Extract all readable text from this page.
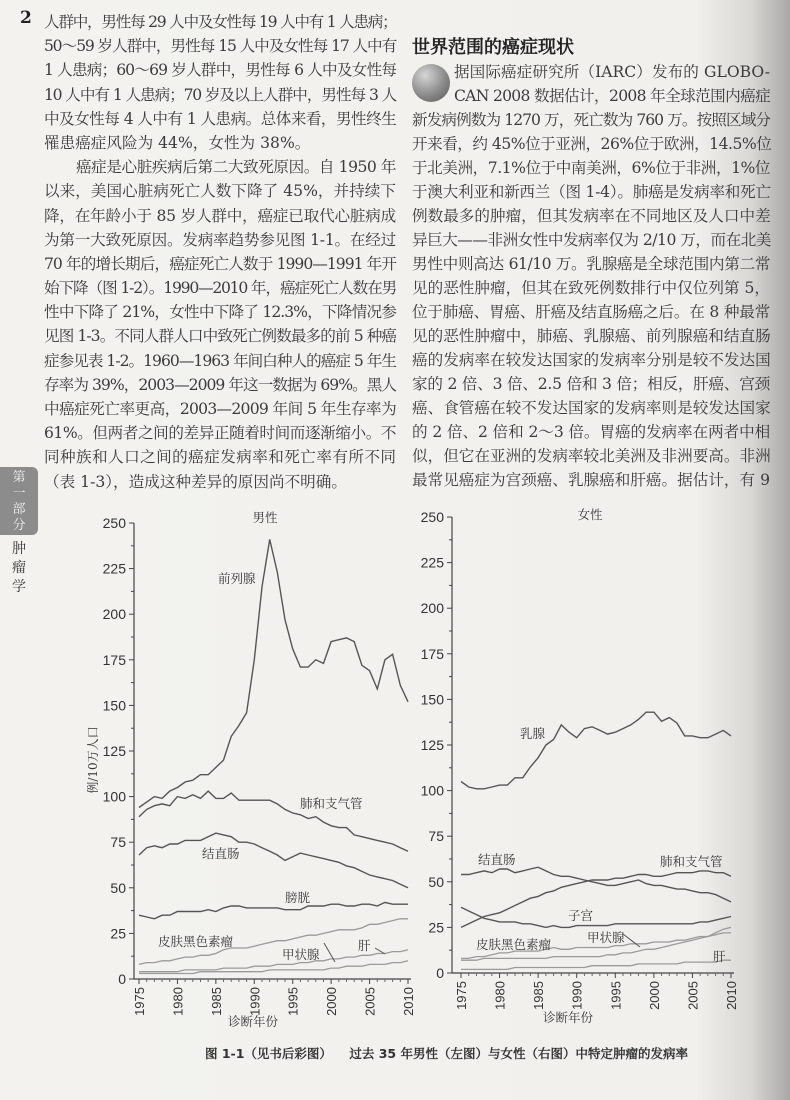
2 人群中，男性每 29 人中及女性每 19 人中有 1 人患病；
50～59 岁人群中，男性每 15 人中及女性每 17 人中有
1 人患病；60～69 岁人群中，男性每 6 人中及女性每
10 人中有 1 人患病；70 岁及以上人群中，男性每 3 人
中及女性每 4 人中有 1 人患病。总体来看，男性终生
罹患癌症风险为 44%，女性为 38%。
癌症是心脏疾病后第二大致死原因。自 1950 年
以来，美国心脏病死亡人数下降了 45%，并持续下
降，在年龄小于 85 岁人群中，癌症已取代心脏病成
为第一大致死原因。发病率趋势参见图 1-1。在经过
70 年的增长期后，癌症死亡人数于 1990—1991 年开
始下降（图 1-2）。1990—2010 年，癌症死亡人数在男
性中下降了 21%，女性中下降了 12.3%，下降情况参
见图 1-3。不同人群人口中致死亡例数最多的前 5 种癌
症参见表 1-2。1960—1963 年间白种人的癌症 5 年生
存率为 39%，2003—2009 年这一数据为 69%。黑人
中癌症死亡率更高，2003—2009 年间 5 年生存率为
61%。但两者之间的差异正随着时间而逐渐缩小。不
同种族和人口之间的癌症发病率和死亡率有所不同
（表 1-3），造成这种差异的原因尚不明确。
世界范围的癌症现状
据国际癌症研究所（IARC）发布的 GLOBO-
CAN 2008 数据估计，2008 年全球范围内癌症
新发病例数为 1270 万，死亡数为 760 万。按照区域分
开来看，约 45%位于亚洲，26%位于欧洲，14.5%位
于北美洲，7.1%位于中南美洲，6%位于非洲，1%位
于澳大利亚和新西兰（图 1-4）。肺癌是发病率和死亡
例数最多的肿瘤，但其发病率在不同地区及人口中差
异巨大——非洲女性中发病率仅为 2/10 万，而在北美
男性中则高达 61/10 万。乳腺癌是全球范围内第二常
见的恶性肿瘤，但其在致死例数排行中仅位列第 5，
位于肺癌、胃癌、肝癌及结直肠癌之后。在 8 种最常
见的恶性肿瘤中，肺癌、乳腺癌、前列腺癌和结直肠
癌的发病率在较发达国家的发病率分别是较不发达国
家的 2 倍、3 倍、2.5 倍和 3 倍；相反，肝癌、宫颈
癌、食管癌在较不发达国家的发病率则是较发达国家
的 2 倍、2 倍和 2～3 倍。胃癌的发病率在两者中相
似，但它在亚洲的发病率较北美洲及非洲要高。非洲
最常见癌症为宫颈癌、乳腺癌和肝癌。据估计，有 9
第
一
部
分
肿瘤学
0
25
50
75
100
125
150
175
200
225
250
1975 1980 1985 1990 1995 2000 2005 2010
前列腺
肺和支气管
结直肠
膀胱
皮肤黑色素瘤	肝
甲状腺
男性
诊断年份
例/10万人口
0
25
50
75
100
125
150
175
200
225
250
1975 1980 1985 1990 1995 2000 2005 2010
乳腺
结直肠	肺和支气管
子宫
皮肤黑色素瘤	甲状腺
肝
女性
诊断年份
图 1-1（见书后彩图）    过去 35 年男性（左图）与女性（右图）中特定肿瘤的发病率
